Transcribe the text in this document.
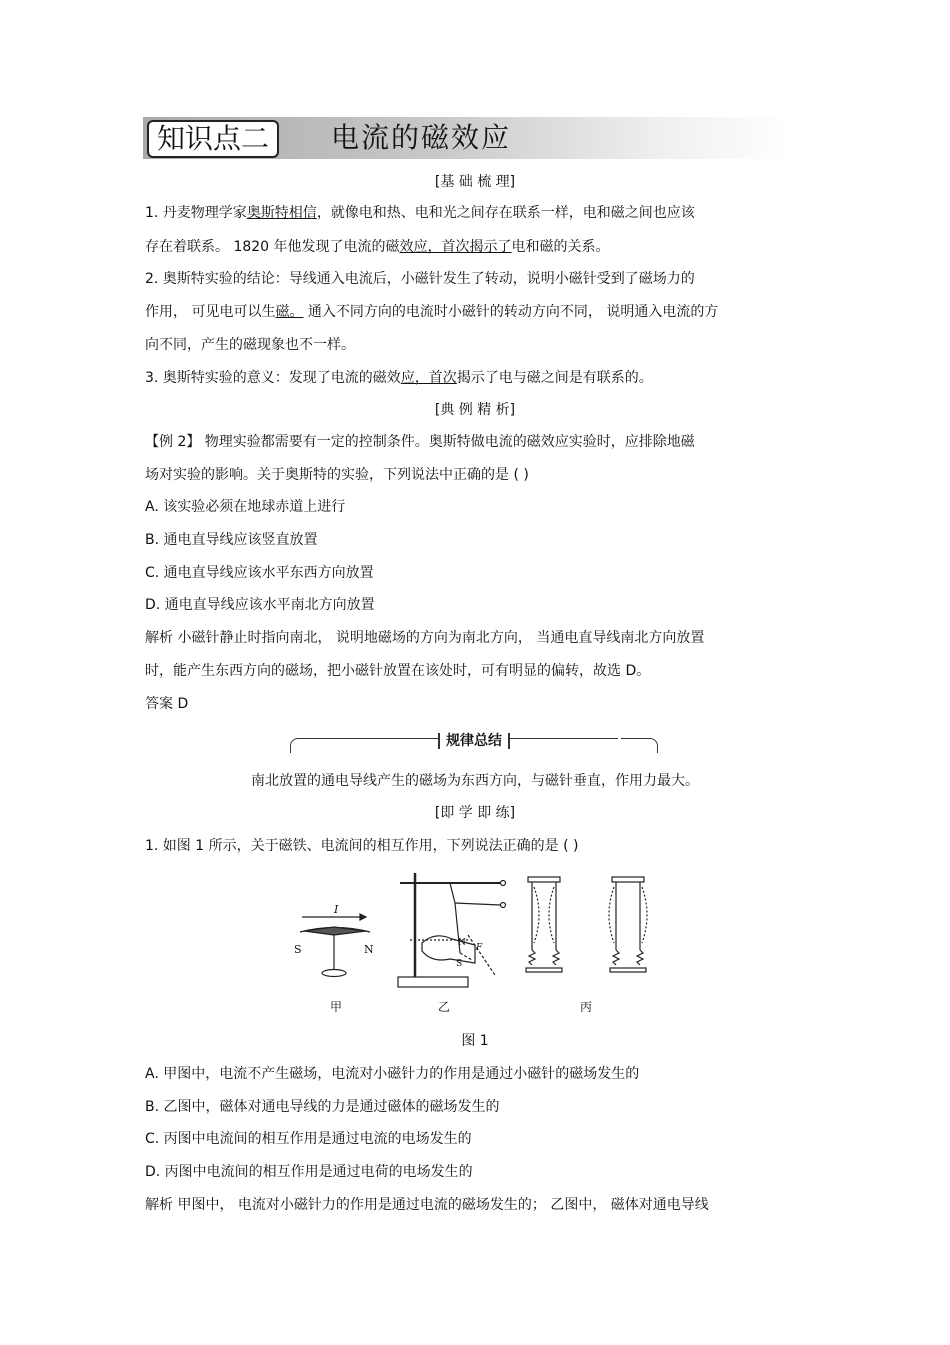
知识点二	电流的磁效应
[基 础 梳 理]
1. 丹麦物理学家奥斯特相信，就像电和热、电和光之间存在联系一样，电和磁之间也应该
存在着联系。 1820 年他发现了电流的磁效应，首次揭示了电和磁的关系。
2. 奥斯特实验的结论：导线通入电流后，小磁针发生了转动，说明小磁针受到了磁场力的
作用， 可见电可以生磁。 通入不同方向的电流时小磁针的转动方向不同， 说明通入电流的方
向不同，产生的磁现象也不一样。
3. 奥斯特实验的意义：发现了电流的磁效应，首次揭示了电与磁之间是有联系的。
[典 例 精 析]
【例 2】 物理实验都需要有一定的控制条件。奥斯特做电流的磁效应实验时，应排除地磁
场对实验的影响。关于奥斯特的实验，下列说法中正确的是 ( )
A. 该实验必须在地球赤道上进行
B. 通电直导线应该竖直放置
C. 通电直导线应该水平东西方向放置
D. 通电直导线应该水平南北方向放置
解析 小磁针静止时指向南北， 说明地磁场的方向为南北方向， 当通电直导线南北方向放置
时，能产生东西方向的磁场，把小磁针放置在该处时，可有明显的偏转，故选 D。
答案 D
规律总结
南北放置的通电导线产生的磁场为东西方向，与磁针垂直，作用力最大。
[即 学 即 练]
1. 如图 1 所示，关于磁铁、电流间的相互作用，下列说法正确的是 ( )
I
S	N	N
S
F
甲	乙	丙
图 1
A. 甲图中，电流不产生磁场，电流对小磁针力的作用是通过小磁针的磁场发生的
B. 乙图中，磁体对通电导线的力是通过磁体的磁场发生的
C. 丙图中电流间的相互作用是通过电流的电场发生的
D. 丙图中电流间的相互作用是通过电荷的电场发生的
解析 甲图中， 电流对小磁针力的作用是通过电流的磁场发生的； 乙图中， 磁体对通电导线
